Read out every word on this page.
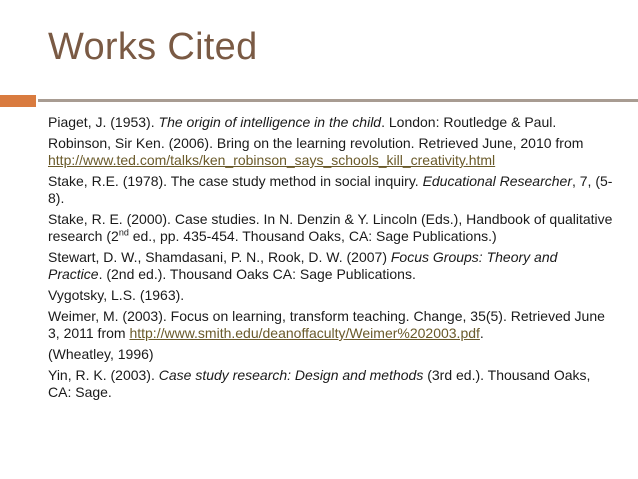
Works Cited

Piaget, J. (1953). The origin of intelligence in the child. London: Routledge & Paul.

Robinson, Sir Ken. (2006). Bring on the learning revolution. Retrieved June, 2010 from http://www.ted.com/talks/ken_robinson_says_schools_kill_creativity.html

Stake, R.E. (1978). The case study method in social inquiry. Educational Researcher, 7, (5-8).

Stake, R. E. (2000). Case studies. In N. Denzin & Y. Lincoln (Eds.), Handbook of qualitative research (2nd ed., pp. 435-454. Thousand Oaks, CA: Sage Publications.)

Stewart, D. W., Shamdasani, P. N., Rook, D. W. (2007) Focus Groups: Theory and Practice. (2nd ed.). Thousand Oaks CA: Sage Publications.

Vygotsky, L.S. (1963).

Weimer, M. (2003). Focus on learning, transform teaching. Change, 35(5). Retrieved June 3, 2011 from http://www.smith.edu/deanoffaculty/Weimer%202003.pdf.

(Wheatley, 1996)

Yin, R. K. (2003). Case study research: Design and methods (3rd ed.). Thousand Oaks, CA: Sage.
